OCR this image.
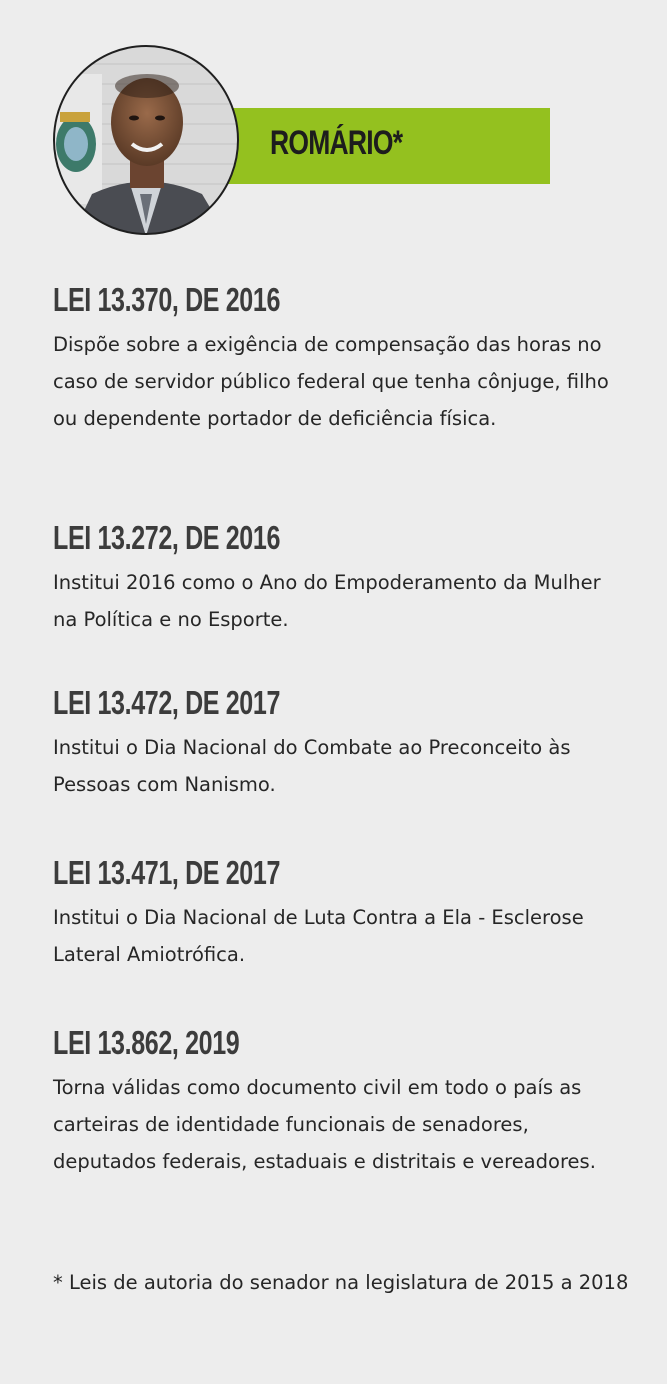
ROMÁRIO*
LEI 13.370, DE 2016
Dispõe sobre a exigência de compensação das horas no caso de servidor público federal que tenha cônjuge, filho ou dependente portador de deficiência física.
LEI 13.272, DE 2016
Institui 2016 como o Ano do Empoderamento da Mulher na Política e no Esporte.
LEI 13.472, DE 2017
Institui o Dia Nacional do Combate ao Preconceito às Pessoas com Nanismo.
LEI 13.471, DE 2017
Institui o Dia Nacional de Luta Contra a Ela - Esclerose Lateral Amiotrófica.
LEI 13.862, 2019
Torna válidas como documento civil em todo o país as carteiras de identidade funcionais de senadores, deputados federais, estaduais e distritais e vereadores.
* Leis de autoria do senador na legislatura de 2015 a 2018
